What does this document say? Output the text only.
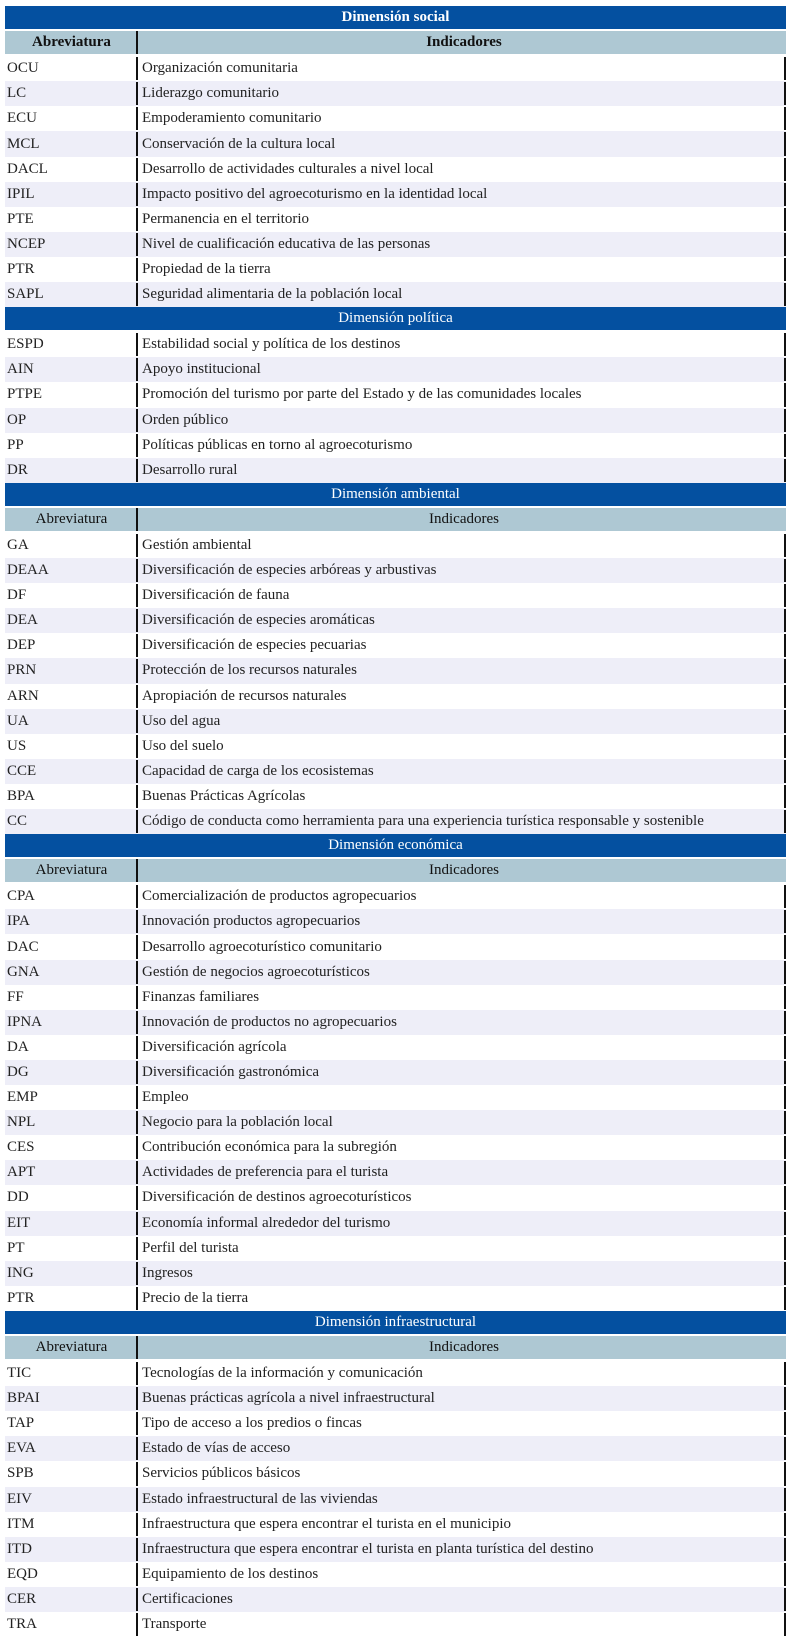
Dimensión social
Abreviatura	Indicadores
OCU	Organización comunitaria
LC	Liderazgo comunitario
ECU	Empoderamiento comunitario
MCL	Conservación de la cultura local
DACL	Desarrollo de actividades culturales a nivel local
IPIL	Impacto positivo del agroecoturismo en la identidad local
PTE	Permanencia en el territorio
NCEP	Nivel de cualificación educativa de las personas
PTR	Propiedad de la tierra
SAPL	Seguridad alimentaria de la población local
Dimensión política
ESPD	Estabilidad social y política de los destinos
AIN	Apoyo institucional
PTPE	Promoción del turismo por parte del Estado y de las comunidades locales
OP	Orden público
PP	Políticas públicas en torno al agroecoturismo
DR	Desarrollo rural
Dimensión ambiental
Abreviatura	Indicadores
GA	Gestión ambiental
DEAA	Diversificación de especies arbóreas y arbustivas
DF	Diversificación de fauna
DEA	Diversificación de especies aromáticas
DEP	Diversificación de especies pecuarias
PRN	Protección de los recursos naturales
ARN	Apropiación de recursos naturales
UA	Uso del agua
US	Uso del suelo
CCE	Capacidad de carga de los ecosistemas
BPA	Buenas Prácticas Agrícolas
CC	Código de conducta como herramienta para una experiencia turística responsable y sostenible
Dimensión económica
Abreviatura	Indicadores
CPA	Comercialización de productos agropecuarios
IPA	Innovación productos agropecuarios
DAC	Desarrollo agroecoturístico comunitario
GNA	Gestión de negocios agroecoturísticos
FF	Finanzas familiares
IPNA	Innovación de productos no agropecuarios
DA	Diversificación agrícola
DG	Diversificación gastronómica
EMP	Empleo
NPL	Negocio para la población local
CES	Contribución económica para la subregión
APT	Actividades de preferencia para el turista
DD	Diversificación de destinos agroecoturísticos
EIT	Economía informal alrededor del turismo
PT	Perfil del turista
ING	Ingresos
PTR	Precio de la tierra
Dimensión infraestructural
Abreviatura	Indicadores
TIC	Tecnologías de la información y comunicación
BPAI	Buenas prácticas agrícola a nivel infraestructural
TAP	Tipo de acceso a los predios o fincas
EVA	Estado de vías de acceso
SPB	Servicios públicos básicos
EIV	Estado infraestructural de las viviendas
ITM	Infraestructura que espera encontrar el turista en el municipio
ITD	Infraestructura que espera encontrar el turista en planta turística del destino
EQD	Equipamiento de los destinos
CER	Certificaciones
TRA	Transporte
